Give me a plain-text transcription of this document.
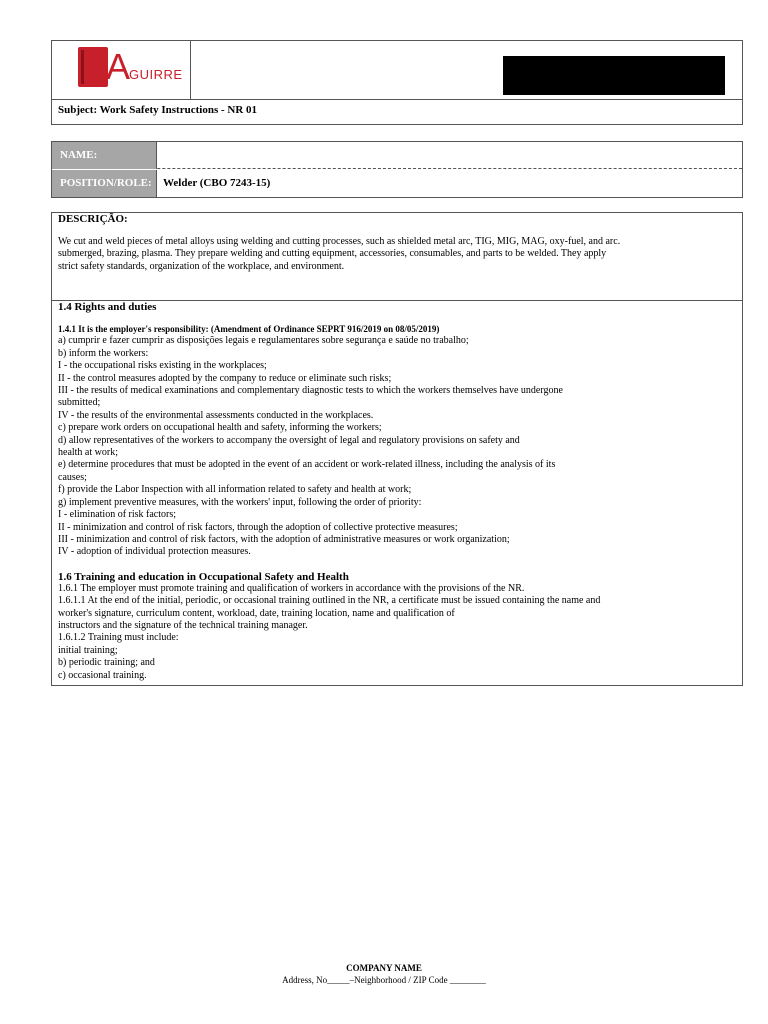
A
GUIRRE
Subject: Work Safety Instructions - NR 01
NAME:
POSITION/ROLE:	Welder (CBO 7243-15)

DESCRIÇÃO:

We cut and weld pieces of metal alloys using welding and cutting processes, such as shielded metal arc, TIG, MIG, MAG, oxy-fuel, and arc.

submerged, brazing, plasma. They prepare welding and cutting equipment, accessories, consumables, and parts to be welded. They apply

strict safety standards, organization of the workplace, and environment.

1.4 Rights and duties

1.4.1 It is the employer's responsibility: (Amendment of Ordinance SEPRT 916/2019 on 08/05/2019)

a) cumprir e fazer cumprir as disposições legais e regulamentares sobre segurança e saúde no trabalho;

b) inform the workers:

I - the occupational risks existing in the workplaces;

II - the control measures adopted by the company to reduce or eliminate such risks;

III - the results of medical examinations and complementary diagnostic tests to which the workers themselves have undergone

submitted;

IV - the results of the environmental assessments conducted in the workplaces.

c) prepare work orders on occupational health and safety, informing the workers;

d) allow representatives of the workers to accompany the oversight of legal and regulatory provisions on safety and

health at work;

e) determine procedures that must be adopted in the event of an accident or work-related illness, including the analysis of its

causes;

f) provide the Labor Inspection with all information related to safety and health at work;

g) implement preventive measures, with the workers' input, following the order of priority:

I - elimination of risk factors;

II - minimization and control of risk factors, through the adoption of collective protective measures;

III - minimization and control of risk factors, with the adoption of administrative measures or work organization;

IV - adoption of individual protection measures.

1.6 Training and education in Occupational Safety and Health

1.6.1 The employer must promote training and qualification of workers in accordance with the provisions of the NR.

1.6.1.1 At the end of the initial, periodic, or occasional training outlined in the NR, a certificate must be issued containing the name and

worker's signature, curriculum content, workload, date, training location, name and qualification of

instructors and the signature of the technical training manager.

1.6.1.2 Training must include:

initial training;

b) periodic training; and

c) occasional training.

COMPANY NAME
Address, No_____–Neighborhood / ZIP Code ________
